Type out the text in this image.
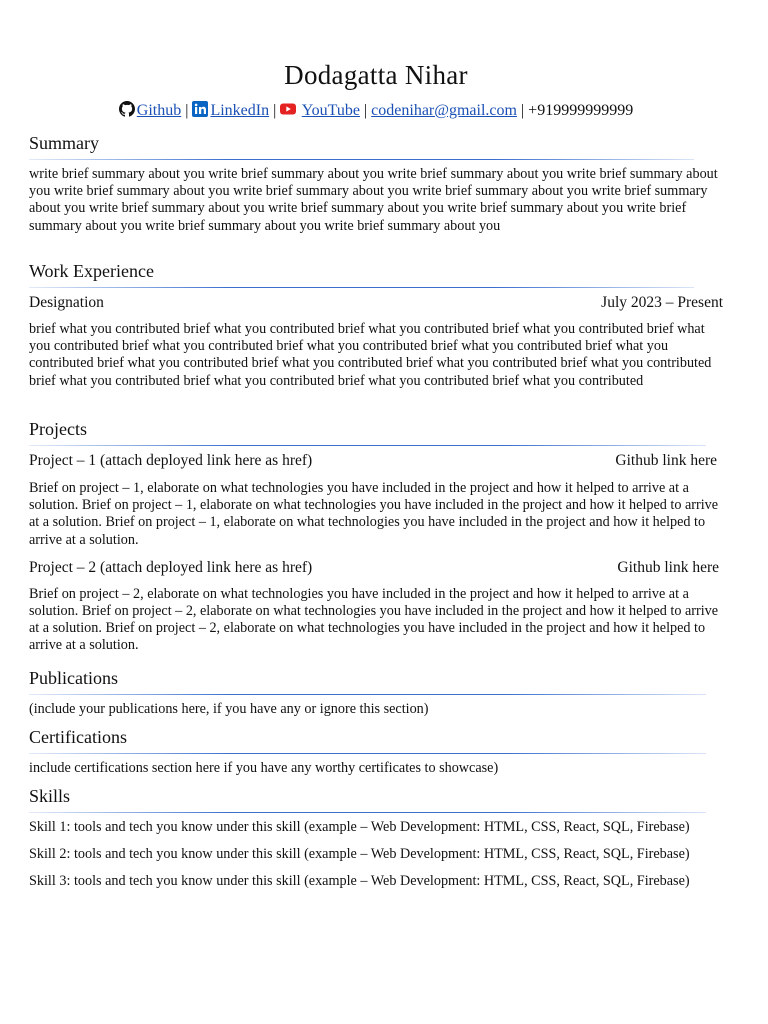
Dodagatta Nihar
Github | LinkedIn | YouTube | codenihar@gmail.com | +919999999999
Summary

write brief summary about you write brief summary about you write brief summary about you write brief summary about you write brief summary about you write brief summary about you write brief summary about you write brief summary about you write brief summary about you write brief summary about you write brief summary about you write brief summary about you write brief summary about you write brief summary about you

Work Experience
Designation	July 2023 – Present

brief what you contributed brief what you contributed brief what you contributed brief what you contributed brief what you contributed brief what you contributed brief what you contributed brief what you contributed brief what you contributed brief what you contributed brief what you contributed brief what you contributed brief what you contributed brief what you contributed brief what you contributed brief what you contributed brief what you contributed

Projects
Project – 1 (attach deployed link here as href)	Github link here

Brief on project – 1, elaborate on what technologies you have included in the project and how it helped to arrive at a solution. Brief on project – 1, elaborate on what technologies you have included in the project and how it helped to arrive at a solution. Brief on project – 1, elaborate on what technologies you have included in the project and how it helped to arrive at a solution.

Project – 2 (attach deployed link here as href)	Github link here

Brief on project – 2, elaborate on what technologies you have included in the project and how it helped to arrive at a solution. Brief on project – 2, elaborate on what technologies you have included in the project and how it helped to arrive at a solution. Brief on project – 2, elaborate on what technologies you have included in the project and how it helped to arrive at a solution.

Publications

(include your publications here, if you have any or ignore this section)

Certifications

include certifications section here if you have any worthy certificates to showcase)

Skills

Skill 1: tools and tech you know under this skill (example – Web Development: HTML, CSS, React, SQL, Firebase)

Skill 2: tools and tech you know under this skill (example – Web Development: HTML, CSS, React, SQL, Firebase)

Skill 3: tools and tech you know under this skill (example – Web Development: HTML, CSS, React, SQL, Firebase)
